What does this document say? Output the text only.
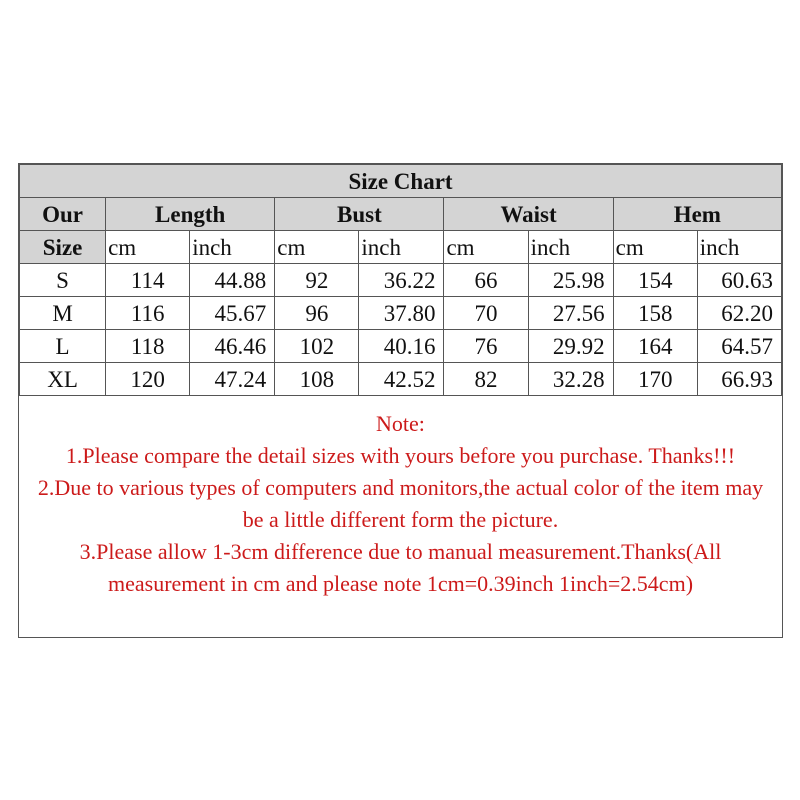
Size Chart								
Our	Length		Bust		Waist		Hem	
Size	cm	inch	cm	inch	cm	inch	cm	inch
S	114	44.88	92	36.22	66	25.98	154	60.63
M	116	45.67	96	37.80	70	27.56	158	62.20
L	118	46.46	102	40.16	76	29.92	164	64.57
XL	120	47.24	108	42.52	82	32.28	170	66.93
Note:
1.Please compare the detail sizes with yours before you purchase. Thanks!!!
2.Due to various types of computers and monitors,the actual color of the item may be a little different form the picture.
3.Please allow 1-3cm difference due to manual measurement.Thanks(All measurement in cm and please note 1cm=0.39inch 1inch=2.54cm)
